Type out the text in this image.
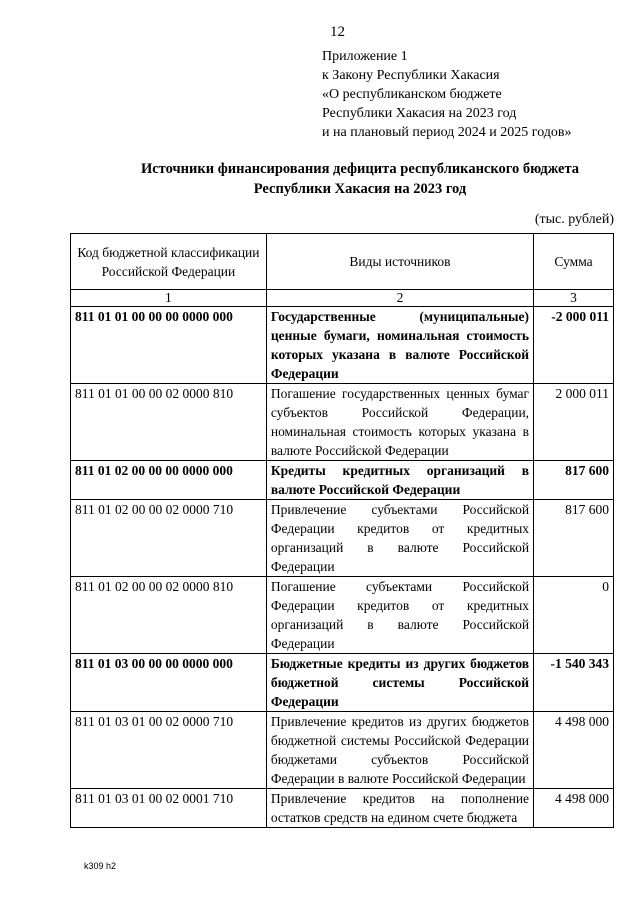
12
Приложение 1
к Закону Республики Хакасия
«О республиканском бюджете
Республики Хакасия на 2023 год
и на плановый период 2024 и 2025 годов»
Источники финансирования дефицита республиканского бюджета
Республики Хакасия на 2023 год
(тыс. рублей)
Код бюджетной классификации Российской Федерации	Виды источников	Сумма
1	2	3
811 01 01 00 00 00 0000 000	Государственные (муниципальные) ценные бумаги, номинальная стоимость которых указана в валюте Российской Федерации	-2 000 011
811 01 01 00 00 02 0000 810	Погашение государственных ценных бумаг субъектов Российской Федерации, номинальная стоимость которых указана в валюте Российской Федерации	2 000 011
811 01 02 00 00 00 0000 000	Кредиты кредитных организаций в валюте Российской Федерации	817 600
811 01 02 00 00 02 0000 710	Привлечение субъектами Российской Федерации кредитов от кредитных организаций в валюте Российской Федерации	817 600
811 01 02 00 00 02 0000 810	Погашение субъектами Российской Федерации кредитов от кредитных организаций в валюте Российской Федерации	0
811 01 03 00 00 00 0000 000	Бюджетные кредиты из других бюджетов бюджетной системы Российской Федерации	-1 540 343
811 01 03 01 00 02 0000 710	Привлечение кредитов из других бюджетов бюджетной системы Российской Федерации бюджетами субъектов Российской Федерации в валюте Российской Федерации	4 498 000
811 01 03 01 00 02 0001 710	Привлечение кредитов на пополнение остатков средств на едином счете бюджета	4 498 000
k309 h2
